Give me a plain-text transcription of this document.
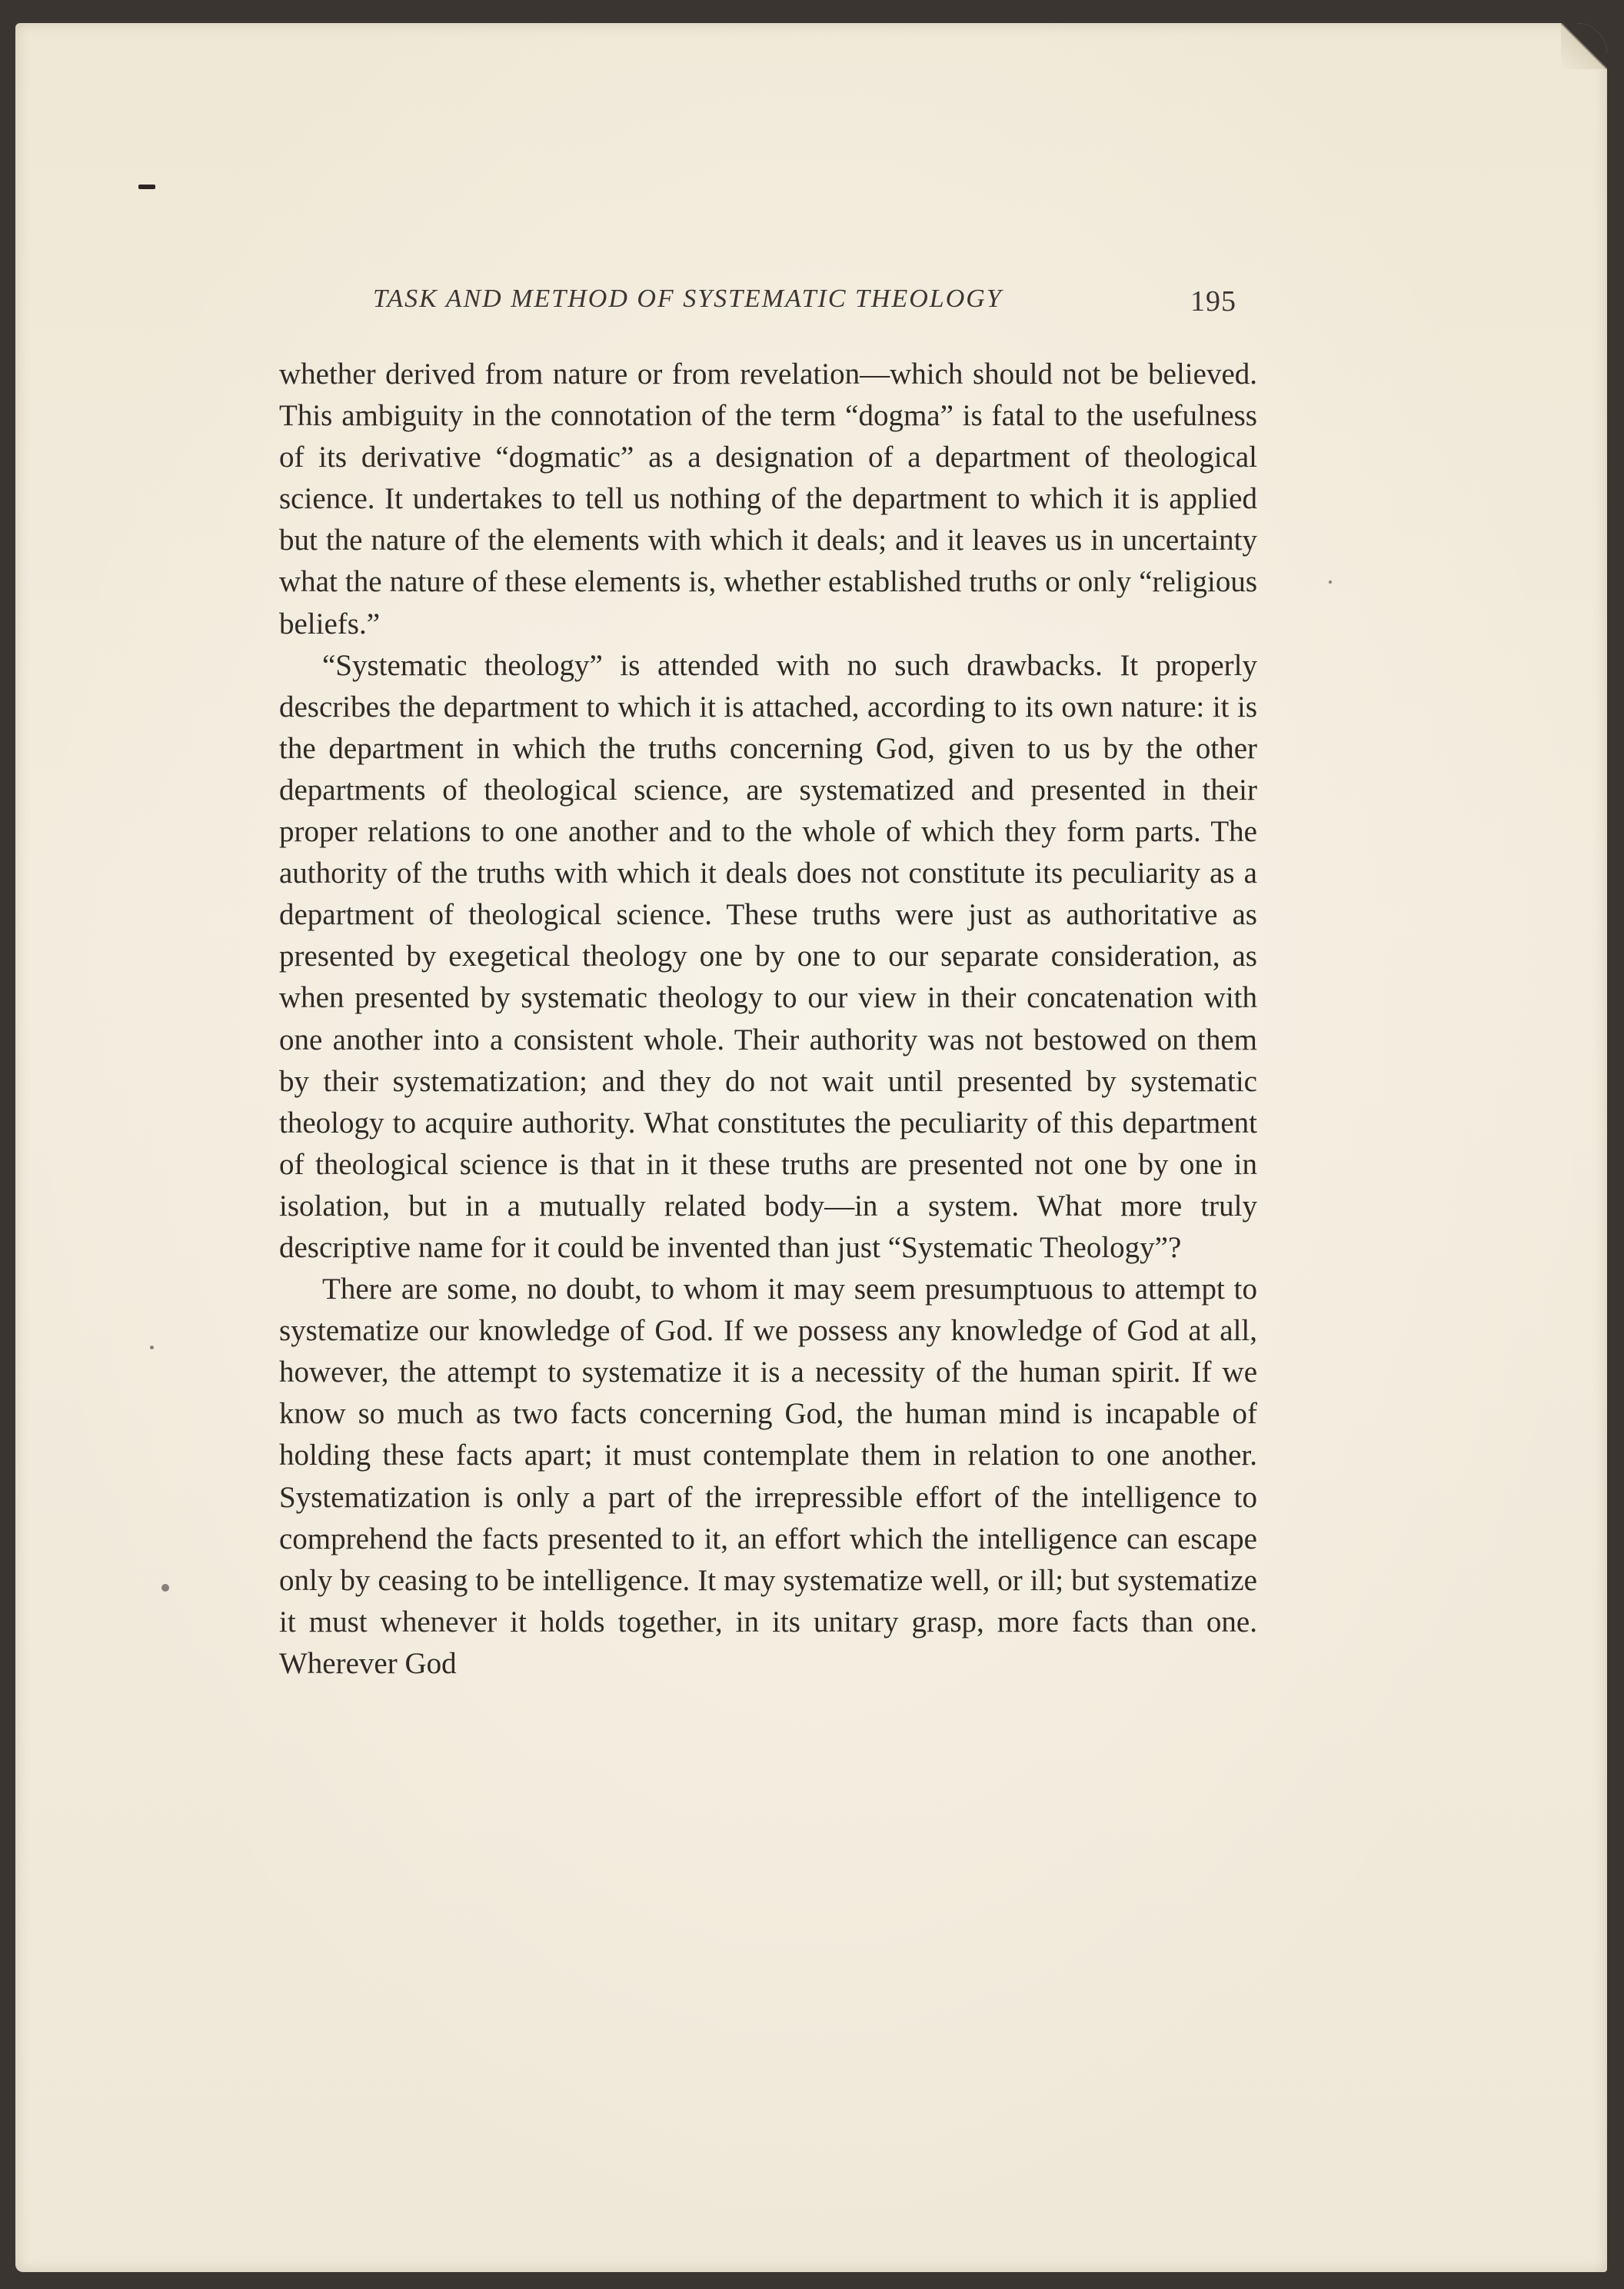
TASK AND METHOD OF SYSTEMATIC THEOLOGY	195

whether derived from nature or from revelation—which should not be believed. This ambiguity in the connotation of the term “dogma” is fatal to the usefulness of its derivative “dogmatic” as a designation of a department of theological science. It undertakes to tell us nothing of the department to which it is applied but the nature of the elements with which it deals; and it leaves us in uncertainty what the nature of these elements is, whether established truths or only “religious beliefs.”

“Systematic theology” is attended with no such drawbacks. It properly describes the department to which it is attached, according to its own nature: it is the department in which the truths concerning God, given to us by the other departments of theological science, are systematized and presented in their proper relations to one another and to the whole of which they form parts. The authority of the truths with which it deals does not constitute its peculiarity as a department of theological science. These truths were just as authoritative as presented by exegetical theology one by one to our separate consideration, as when presented by systematic theology to our view in their concatenation with one another into a consistent whole. Their authority was not bestowed on them by their systematization; and they do not wait until presented by systematic theology to acquire authority. What constitutes the peculiarity of this department of theological science is that in it these truths are presented not one by one in isolation, but in a mutually related body—in a system. What more truly descriptive name for it could be invented than just “Systematic Theology”?

There are some, no doubt, to whom it may seem presumptuous to attempt to systematize our knowledge of God. If we possess any knowledge of God at all, however, the attempt to systematize it is a necessity of the human spirit. If we know so much as two facts concerning God, the human mind is incapable of holding these facts apart; it must contemplate them in relation to one another. Systematization is only a part of the irrepressible effort of the intelligence to comprehend the facts presented to it, an effort which the intelligence can escape only by ceasing to be intelligence. It may systematize well, or ill; but systematize it must whenever it holds together, in its unitary grasp, more facts than one. Wherever God
